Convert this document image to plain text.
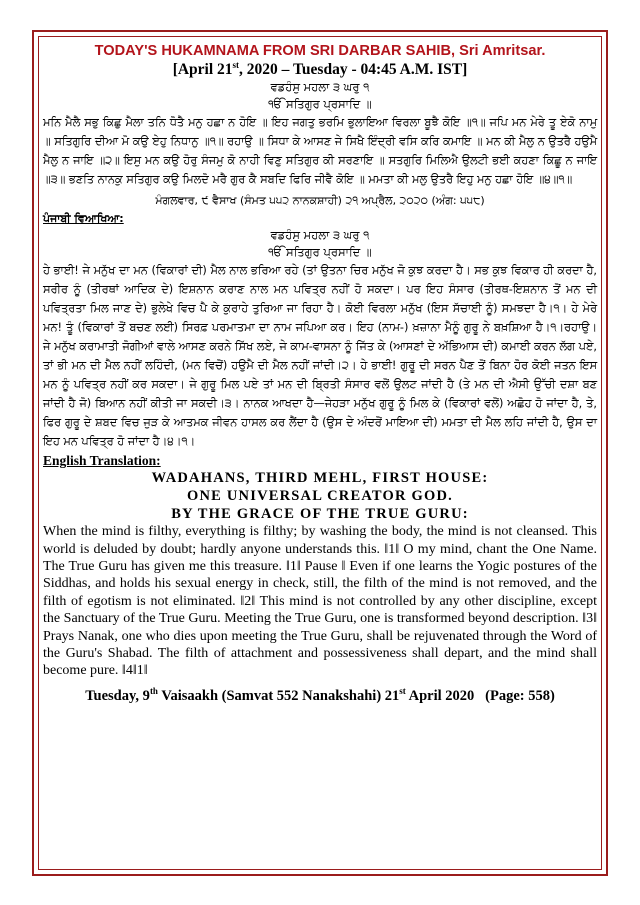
TODAY'S HUKAMNAMA FROM SRI DARBAR SAHIB, Sri Amritsar.
[April 21st, 2020 – Tuesday - 04:45 A.M. IST]
ਵਡਹੰਸੁ ਮਹਲਾ ੩ ਘਰੁ ੧
ੴ ਸਤਿਗੁਰ ਪ੍ਰਸਾਦਿ ॥

ਮਨਿ ਮੈਲੈ ਸਭੁ ਕਿਛੁ ਮੈਲਾ ਤਨਿ ਧੋਤੈ ਮਨੁ ਹਛਾ ਨ ਹੋਇ ॥ ਇਹ ਜਗਤੁ ਭਰਮਿ ਭੁਲਾਇਆ ਵਿਰਲਾ ਬੂਝੈ ਕੋਇ ॥੧॥ ਜਪਿ ਮਨ ਮੇਰੇ ਤੂ ਏਕੋ ਨਾਮੁ ॥ ਸਤਿਗੁਰਿ ਦੀਆ ਮੋ ਕਉ ਏਹੁ ਨਿਧਾਨੁ ॥੧॥ ਰਹਾਉ ॥ ਸਿਧਾ ਕੇ ਆਸਣ ਜੇ ਸਿਖੈ ਇੰਦ੍ਰੀ ਵਸਿ ਕਰਿ ਕਮਾਇ ॥ ਮਨ ਕੀ ਮੈਲੁ ਨ ਉਤਰੈ ਹਉਮੈ ਮੈਲੁ ਨ ਜਾਇ ॥੨॥ ਇਸੁ ਮਨ ਕਉ ਹੋਰੁ ਸੰਜਮੁ ਕੋ ਨਾਹੀ ਵਿਣੁ ਸਤਿਗੁਰ ਕੀ ਸਰਣਾਇ ॥ ਸਤਗੁਰਿ ਮਿਲਿਐ ਉਲਟੀ ਭਈ ਕਹਣਾ ਕਿਛੂ ਨ ਜਾਇ ॥੩॥ ਭਣਤਿ ਨਾਨਕੁ ਸਤਿਗੁਰ ਕਉ ਮਿਲਦੋ ਮਰੈ ਗੁਰ ਕੈ ਸਬਦਿ ਫਿਰਿ ਜੀਵੈ ਕੋਇ ॥ ਮਮਤਾ ਕੀ ਮਲੁ ਉਤਰੈ ਇਹੁ ਮਨੁ ਹਛਾ ਹੋਇ ॥੪॥੧॥

ਮੰਗਲਵਾਰ, ੯ ਵੈਸਾਖ (ਸੰਮਤ ੫੫੨ ਨਾਨਕਸ਼ਾਹੀ) ੨੧ ਅਪ੍ਰੈਲ, ੨੦੨੦ (ਅੰਗ: ੫੫੮)
ਪੰਜਾਬੀ ਵਿਆਖਿਆ:
ਵਡਹੰਸੁ ਮਹਲਾ ੩ ਘਰੁ ੧
ੴ ਸਤਿਗੁਰ ਪ੍ਰਸਾਦਿ ॥

ਹੇ ਭਾਈ! ਜੇ ਮਨੁੱਖ ਦਾ ਮਨ (ਵਿਕਾਰਾਂ ਦੀ) ਮੈਲ ਨਾਲ ਭਰਿਆ ਰਹੇ (ਤਾਂ ਉਤਨਾ ਚਿਰ ਮਨੁੱਖ ਜੋ ਕੁਝ ਕਰਦਾ ਹੈ। ਸਭ ਕੁਝ ਵਿਕਾਰ ਹੀ ਕਰਦਾ ਹੈ, ਸਰੀਰ ਨੂੰ (ਤੀਰਥਾਂ ਆਦਿਕ ਦੇ) ਇਸ਼ਨਾਨ ਕਰਾਣ ਨਾਲ ਮਨ ਪਵਿਤ੍ਰ ਨਹੀਂ ਹੋ ਸਕਦਾ। ਪਰ ਇਹ ਸੰਸਾਰ (ਤੀਰਥ-ਇਸ਼ਨਾਨ ਤੋਂ ਮਨ ਦੀ ਪਵਿਤ੍ਰਤਾ ਮਿਲ ਜਾਣ ਦੇ) ਭੁਲੇਖੇ ਵਿਚ ਪੈ ਕੇ ਕੁਰਾਹੇ ਤੁਰਿਆ ਜਾ ਰਿਹਾ ਹੈ। ਕੋਈ ਵਿਰਲਾ ਮਨੁੱਖ (ਇਸ ਸੱਚਾਈ ਨੂੰ) ਸਮਝਦਾ ਹੈ।੧। ਹੇ ਮੇਰੇ ਮਨ! ਤੂੰ (ਵਿਕਾਰਾਂ ਤੋਂ ਬਚਣ ਲਈ) ਸਿਰਫ਼ ਪਰਮਾਤਮਾ ਦਾ ਨਾਮ ਜਪਿਆ ਕਰ। ਇਹ (ਨਾਮ-) ਖ਼ਜ਼ਾਨਾ ਮੈਨੂੰ ਗੁਰੂ ਨੇ ਬਖ਼ਸ਼ਿਆ ਹੈ।੧।ਰਹਾਉ। ਜੇ ਮਨੁੱਖ ਕਰਾਮਾਤੀ ਜੋਗੀਆਂ ਵਾਲੇ ਆਸਣ ਕਰਨੇ ਸਿੱਖ ਲਏ, ਜੇ ਕਾਮ-ਵਾਸਨਾ ਨੂੰ ਜਿੱਤ ਕੇ (ਆਸਣਾਂ ਦੇ ਅੱਭਿਆਸ ਦੀ) ਕਮਾਈ ਕਰਨ ਲੱਗ ਪਏ, ਤਾਂ ਭੀ ਮਨ ਦੀ ਮੈਲ ਨਹੀਂ ਲਹਿੰਦੀ, (ਮਨ ਵਿਚੋਂ) ਹਉਮੈ ਦੀ ਮੈਲ ਨਹੀਂ ਜਾਂਦੀ।੨। ਹੇ ਭਾਈ! ਗੁਰੂ ਦੀ ਸਰਨ ਪੈਣ ਤੋਂ ਬਿਨਾ ਹੋਰ ਕੋਈ ਜਤਨ ਇਸ ਮਨ ਨੂੰ ਪਵਿਤ੍ਰ ਨਹੀਂ ਕਰ ਸਕਦਾ। ਜੇ ਗੁਰੂ ਮਿਲ ਪਏ ਤਾਂ ਮਨ ਦੀ ਬ੍ਰਿਤੀ ਸੰਸਾਰ ਵਲੋਂ ਉਲਟ ਜਾਂਦੀ ਹੈ (ਤੇ ਮਨ ਦੀ ਐਸੀ ਉੱਚੀ ਦਸ਼ਾ ਬਣ ਜਾਂਦੀ ਹੈ ਜੋ) ਬਿਆਨ ਨਹੀਂ ਕੀਤੀ ਜਾ ਸਕਦੀ।੩। ਨਾਨਕ ਆਖਦਾ ਹੈ—ਜੇਹੜਾ ਮਨੁੱਖ ਗੁਰੂ ਨੂੰ ਮਿਲ ਕੇ (ਵਿਕਾਰਾਂ ਵਲੋਂ) ਅਛੋਹ ਹੋ ਜਾਂਦਾ ਹੈ, ਤੇ, ਫਿਰ ਗੁਰੂ ਦੇ ਸ਼ਬਦ ਵਿਚ ਜੁੜ ਕੇ ਆਤਮਕ ਜੀਵਨ ਹਾਸਲ ਕਰ ਲੈਂਦਾ ਹੈ (ਉਸ ਦੇ ਅੰਦਰੋਂ ਮਾਇਆ ਦੀ) ਮਮਤਾ ਦੀ ਮੈਲ ਲਹਿ ਜਾਂਦੀ ਹੈ, ਉਸ ਦਾ ਇਹ ਮਨ ਪਵਿਤ੍ਰ ਹੋ ਜਾਂਦਾ ਹੈ।੪।੧।

English Translation:
WADAHANS, THIRD MEHL, FIRST HOUSE:
ONE UNIVERSAL CREATOR GOD.
BY THE GRACE OF THE TRUE GURU:

When the mind is filthy, everything is filthy; by washing the body, the mind is not cleansed. This world is deluded by doubt; hardly anyone understands this. ‖1‖ O my mind, chant the One Name. The True Guru has given me this treasure. ‖1‖ Pause ‖ Even if one learns the Yogic postures of the Siddhas, and holds his sexual energy in check, still, the filth of the mind is not removed, and the filth of egotism is not eliminated. ‖2‖ This mind is not controlled by any other discipline, except the Sanctuary of the True Guru. Meeting the True Guru, one is transformed beyond description. ‖3‖ Prays Nanak, one who dies upon meeting the True Guru, shall be rejuvenated through the Word of the Guru's Shabad. The filth of attachment and possessiveness shall depart, and the mind shall become pure. ‖4‖1‖

Tuesday, 9th Vaisaakh (Samvat 552 Nanakshahi) 21st April 2020 (Page: 558)
